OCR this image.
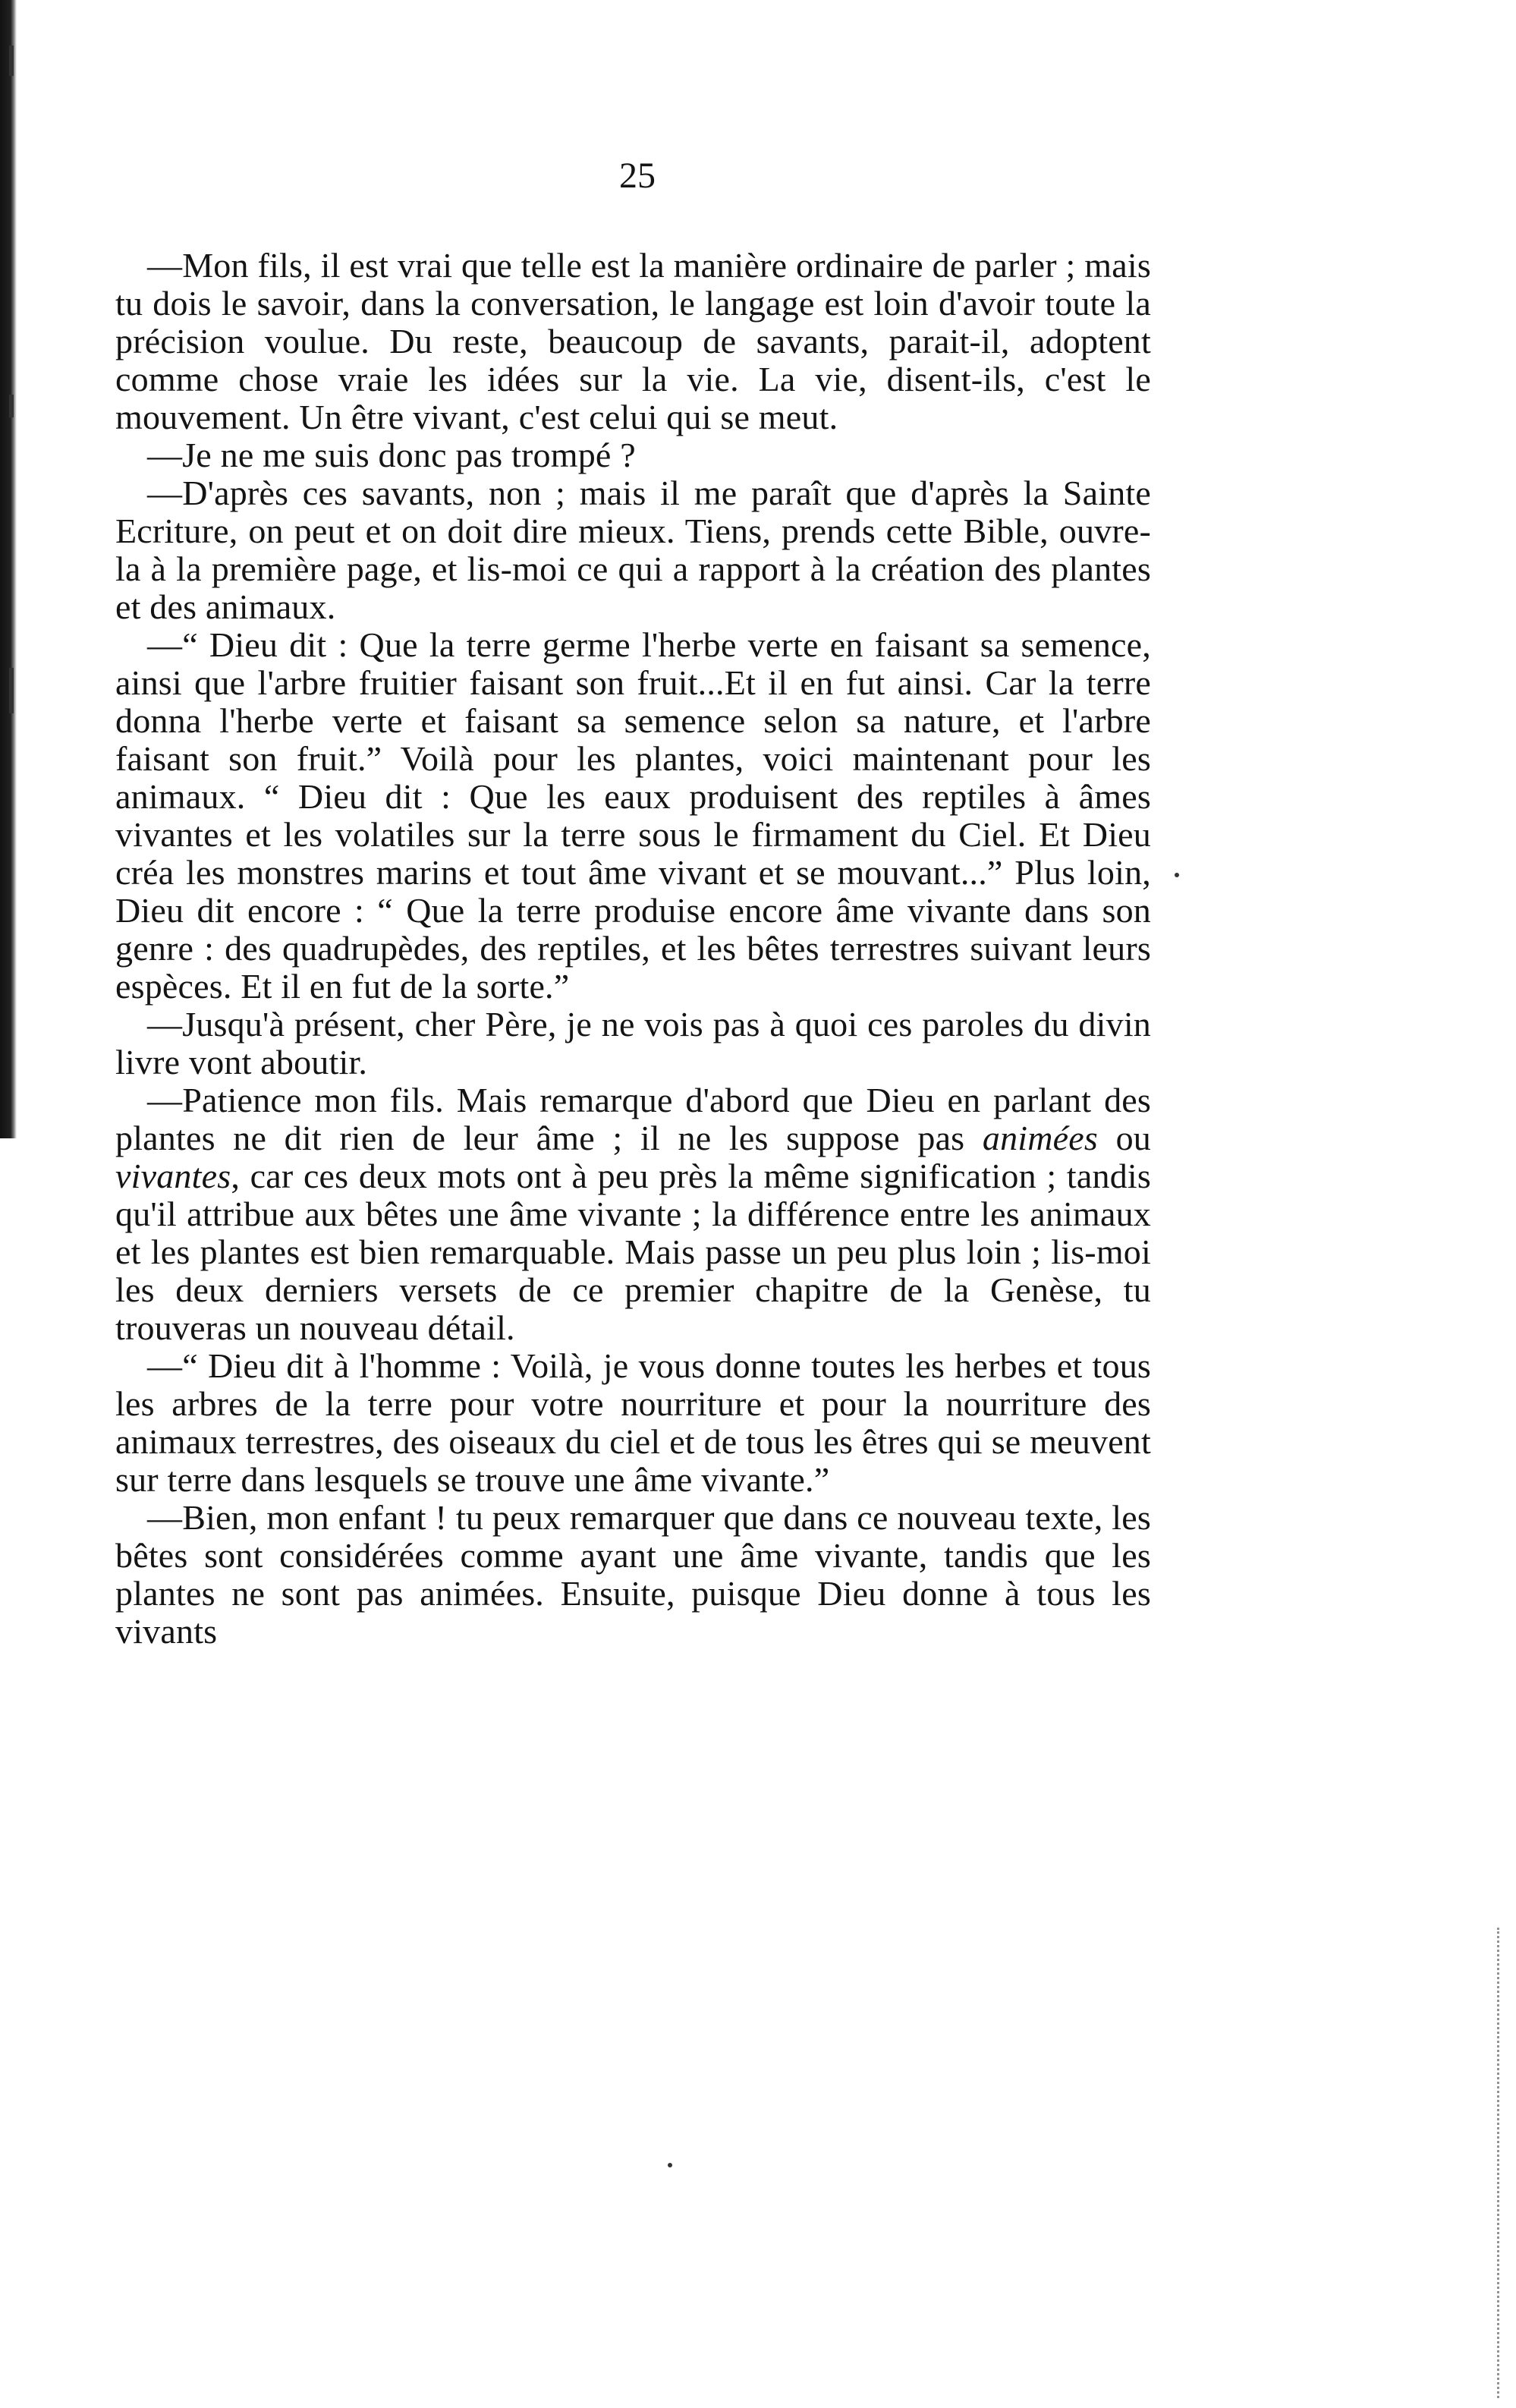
25

—Mon fils, il est vrai que telle est la manière ordinaire de parler ; mais tu dois le savoir, dans la conversation, le langage est loin d'avoir toute la précision voulue. Du reste, beaucoup de savants, parait-il, adoptent comme chose vraie les idées sur la vie. La vie, disent-ils, c'est le mouvement. Un être vivant, c'est celui qui se meut.

—Je ne me suis donc pas trompé ?

—D'après ces savants, non ; mais il me paraît que d'après la Sainte Ecriture, on peut et on doit dire mieux. Tiens, prends cette Bible, ouvre-la à la première page, et lis-moi ce qui a rapport à la création des plantes et des animaux.

—“ Dieu dit : Que la terre germe l'herbe verte en faisant sa semence, ainsi que l'arbre fruitier faisant son fruit...Et il en fut ainsi. Car la terre donna l'herbe verte et faisant sa semence selon sa nature, et l'arbre faisant son fruit.” Voilà pour les plantes, voici maintenant pour les animaux. “ Dieu dit : Que les eaux produisent des reptiles à âmes vivantes et les volatiles sur la terre sous le firmament du Ciel. Et Dieu créa les monstres marins et tout âme vivant et se mouvant...” Plus loin, Dieu dit encore : “ Que la terre produise encore âme vivante dans son genre : des quadrupèdes, des reptiles, et les bêtes terrestres suivant leurs espèces. Et il en fut de la sorte.”

—Jusqu'à présent, cher Père, je ne vois pas à quoi ces paroles du divin livre vont aboutir.

—Patience mon fils. Mais remarque d'abord que Dieu en parlant des plantes ne dit rien de leur âme ; il ne les suppose pas animées ou vivantes, car ces deux mots ont à peu près la même signification ; tandis qu'il attribue aux bêtes une âme vivante ; la différence entre les animaux et les plantes est bien remarquable. Mais passe un peu plus loin ; lis-moi les deux derniers versets de ce premier chapitre de la Genèse, tu trouveras un nouveau détail.

—“ Dieu dit à l'homme : Voilà, je vous donne toutes les herbes et tous les arbres de la terre pour votre nourriture et pour la nourriture des animaux terrestres, des oiseaux du ciel et de tous les êtres qui se meuvent sur terre dans lesquels se trouve une âme vivante.”

—Bien, mon enfant ! tu peux remarquer que dans ce nouveau texte, les bêtes sont considérées comme ayant une âme vivante, tandis que les plantes ne sont pas animées. Ensuite, puisque Dieu donne à tous les vivants
